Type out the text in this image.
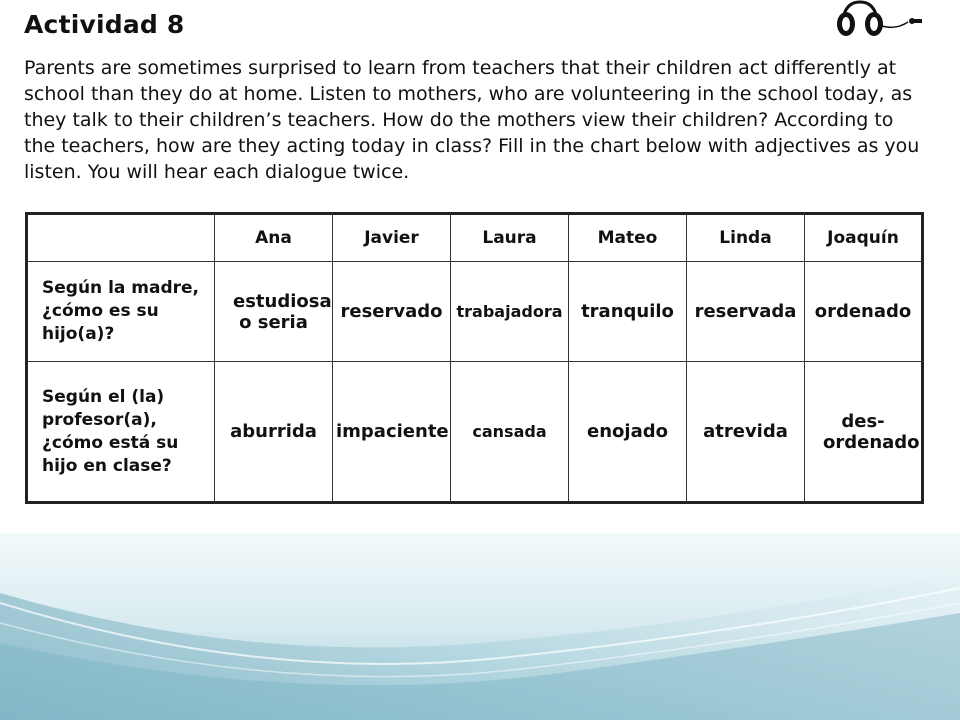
Actividad 8

Parents are sometimes surprised to learn from teachers that their children act differently at school than they do at home. Listen to mothers, who are volunteering in the school today, as they talk to their children’s teachers. How do the mothers view their children? According to the teachers, how are they acting today in class? Fill in the chart below with adjectives as you listen. You will hear each dialogue twice.

	Ana	Javier	Laura	Mateo	Linda	Joaquín
Según la madre, ¿cómo es su hijo(a)?	estudiosa o seria	reservado	trabajadora	tranquilo	reservada	ordenado
Según el (la) profesor(a), ¿cómo está su hijo en clase?	aburrida	impaciente	cansada	enojado	atrevida	des- ordenado
